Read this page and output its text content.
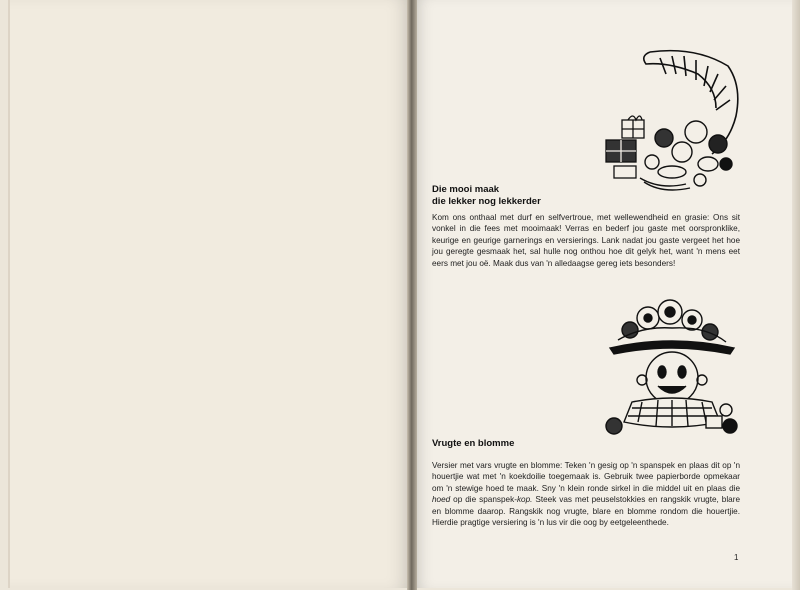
Die mooi maak
die lekker nog lekkerder

Kom ons onthaal met durf en selfvertroue, met wellewendheid en grasie: Ons sit vonkel in die fees met mooimaak! Verras en bederf jou gaste met oorspronklike, keurige en geurige garnerings en versierings. Lank nadat jou gaste vergeet het hoe jou geregte gesmaak het, sal hulle nog onthou hoe dit gelyk het, want 'n mens eet eers met jou oë. Maak dus van 'n alledaagse gereg iets besonders!

Vrugte en blomme

Versier met vars vrugte en blomme: Teken 'n gesig op 'n spanspek en plaas dit op 'n houertjie wat met 'n koekdoilie toegemaak is. Gebruik twee papierborde opmekaar om 'n stewige hoed te maak. Sny 'n klein ronde sirkel in die middel uit en plaas die hoed op die spanspek-kop. Steek vas met peuselstokkies en rangskik vrugte, blare en blomme daarop. Rangskik nog vrugte, blare en blomme rondom die houertjie. Hierdie pragtige versiering is 'n lus vir die oog by eetgeleenthede.

1
